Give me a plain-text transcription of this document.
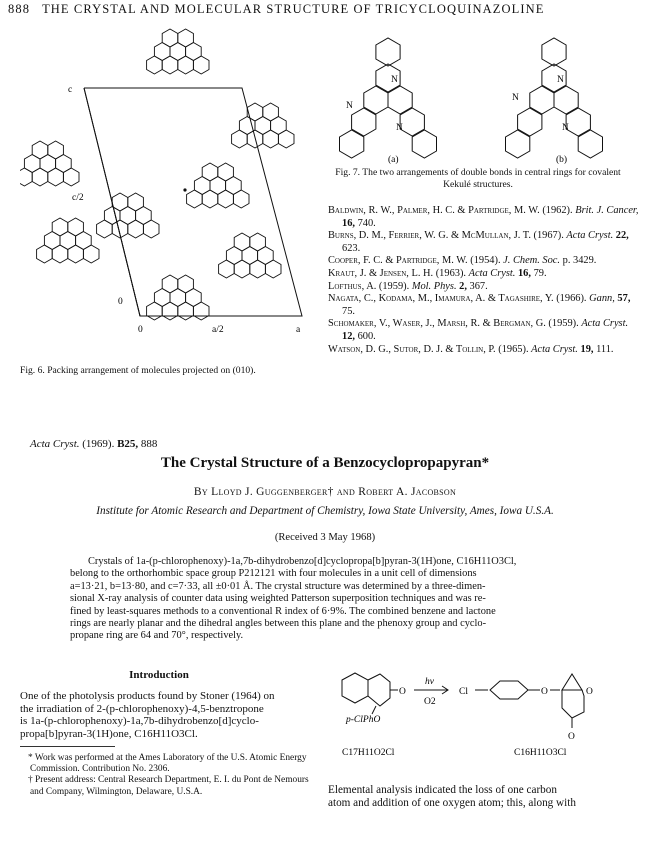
888 THE CRYSTAL AND MOLECULAR STRUCTURE OF TRICYCLOQUINAZOLINE
c
c/2
0
0	a/2	a
Fig. 6. Packing arrangement of molecules projected on (010).
N
N
N
N
N
N
(a)	(b)
Fig. 7. The two arrangements of double bonds in central rings for covalent Kekulé structures.
Baldwin, R. W., Palmer, H. C. & Partridge, M. W. (1962). Brit. J. Cancer, 16, 740.
Burns, D. M., Ferrier, W. G. & McMullan, J. T. (1967). Acta Cryst. 22, 623.
Cooper, F. C. & Partridge, M. W. (1954). J. Chem. Soc. p. 3429.
Kraut, J. & Jensen, L. H. (1963). Acta Cryst. 16, 79.
Lofthus, A. (1959). Mol. Phys. 2, 367.
Nagata, C., Kodama, M., Imamura, A. & Tagashire, Y. (1966). Gann, 57, 75.
Schomaker, V., Waser, J., Marsh, R. & Bergman, G. (1959). Acta Cryst. 12, 600.
Watson, D. G., Sutor, D. J. & Tollin, P. (1965). Acta Cryst. 19, 111.
Acta Cryst. (1969). B25, 888
The Crystal Structure of a Benzocyclopropapyran*
By Lloyd J. Guggenberger† and Robert A. Jacobson
Institute for Atomic Research and Department of Chemistry, Iowa State University, Ames, Iowa U.S.A.
(Received 3 May 1968)
Crystals of 1a-(p-chlorophenoxy)-1a,7b-dihydrobenzo[d]cyclopropa[b]pyran-3(1H)one, C16H11O3Cl,
belong to the orthorhombic space group P212121 with four molecules in a unit cell of dimensions
a=13·21, b=13·80, and c=7·33, all ±0·01 Å. The crystal structure was determined by a three-dimen-
sional X-ray analysis of counter data using weighted Patterson superposition techniques and was re-
fined by least-squares methods to a conventional R index of 6·9%. The combined benzene and lactone
rings are nearly planar and the dihedral angles between this plane and the phenoxy group and cyclo-
propane ring are 64 and 70°, respectively.
Introduction
One of the photolysis products found by Stoner (1964) on
the irradiation of 2-(p-chlorophenoxy)-4,5-benztropone
is 1a-(p-chlorophenoxy)-1a,7b-dihydrobenzo[d]cyclo-
propa[b]pyran-3(1H)one, C16H11O3Cl.
* Work was performed at the Ames Laboratory of the U.S. Atomic Energy Commission. Contribution No. 2306.
† Present address: Central Research Department, E. I. du Pont de Nemours and Company, Wilmington, Delaware, U.S.A.
O
p-ClPhO
hν
O2
Cl	O	O
O
C17H11O2Cl	C16H11O3Cl
Elemental analysis indicated the loss of one carbon
atom and addition of one oxygen atom; this, along with
